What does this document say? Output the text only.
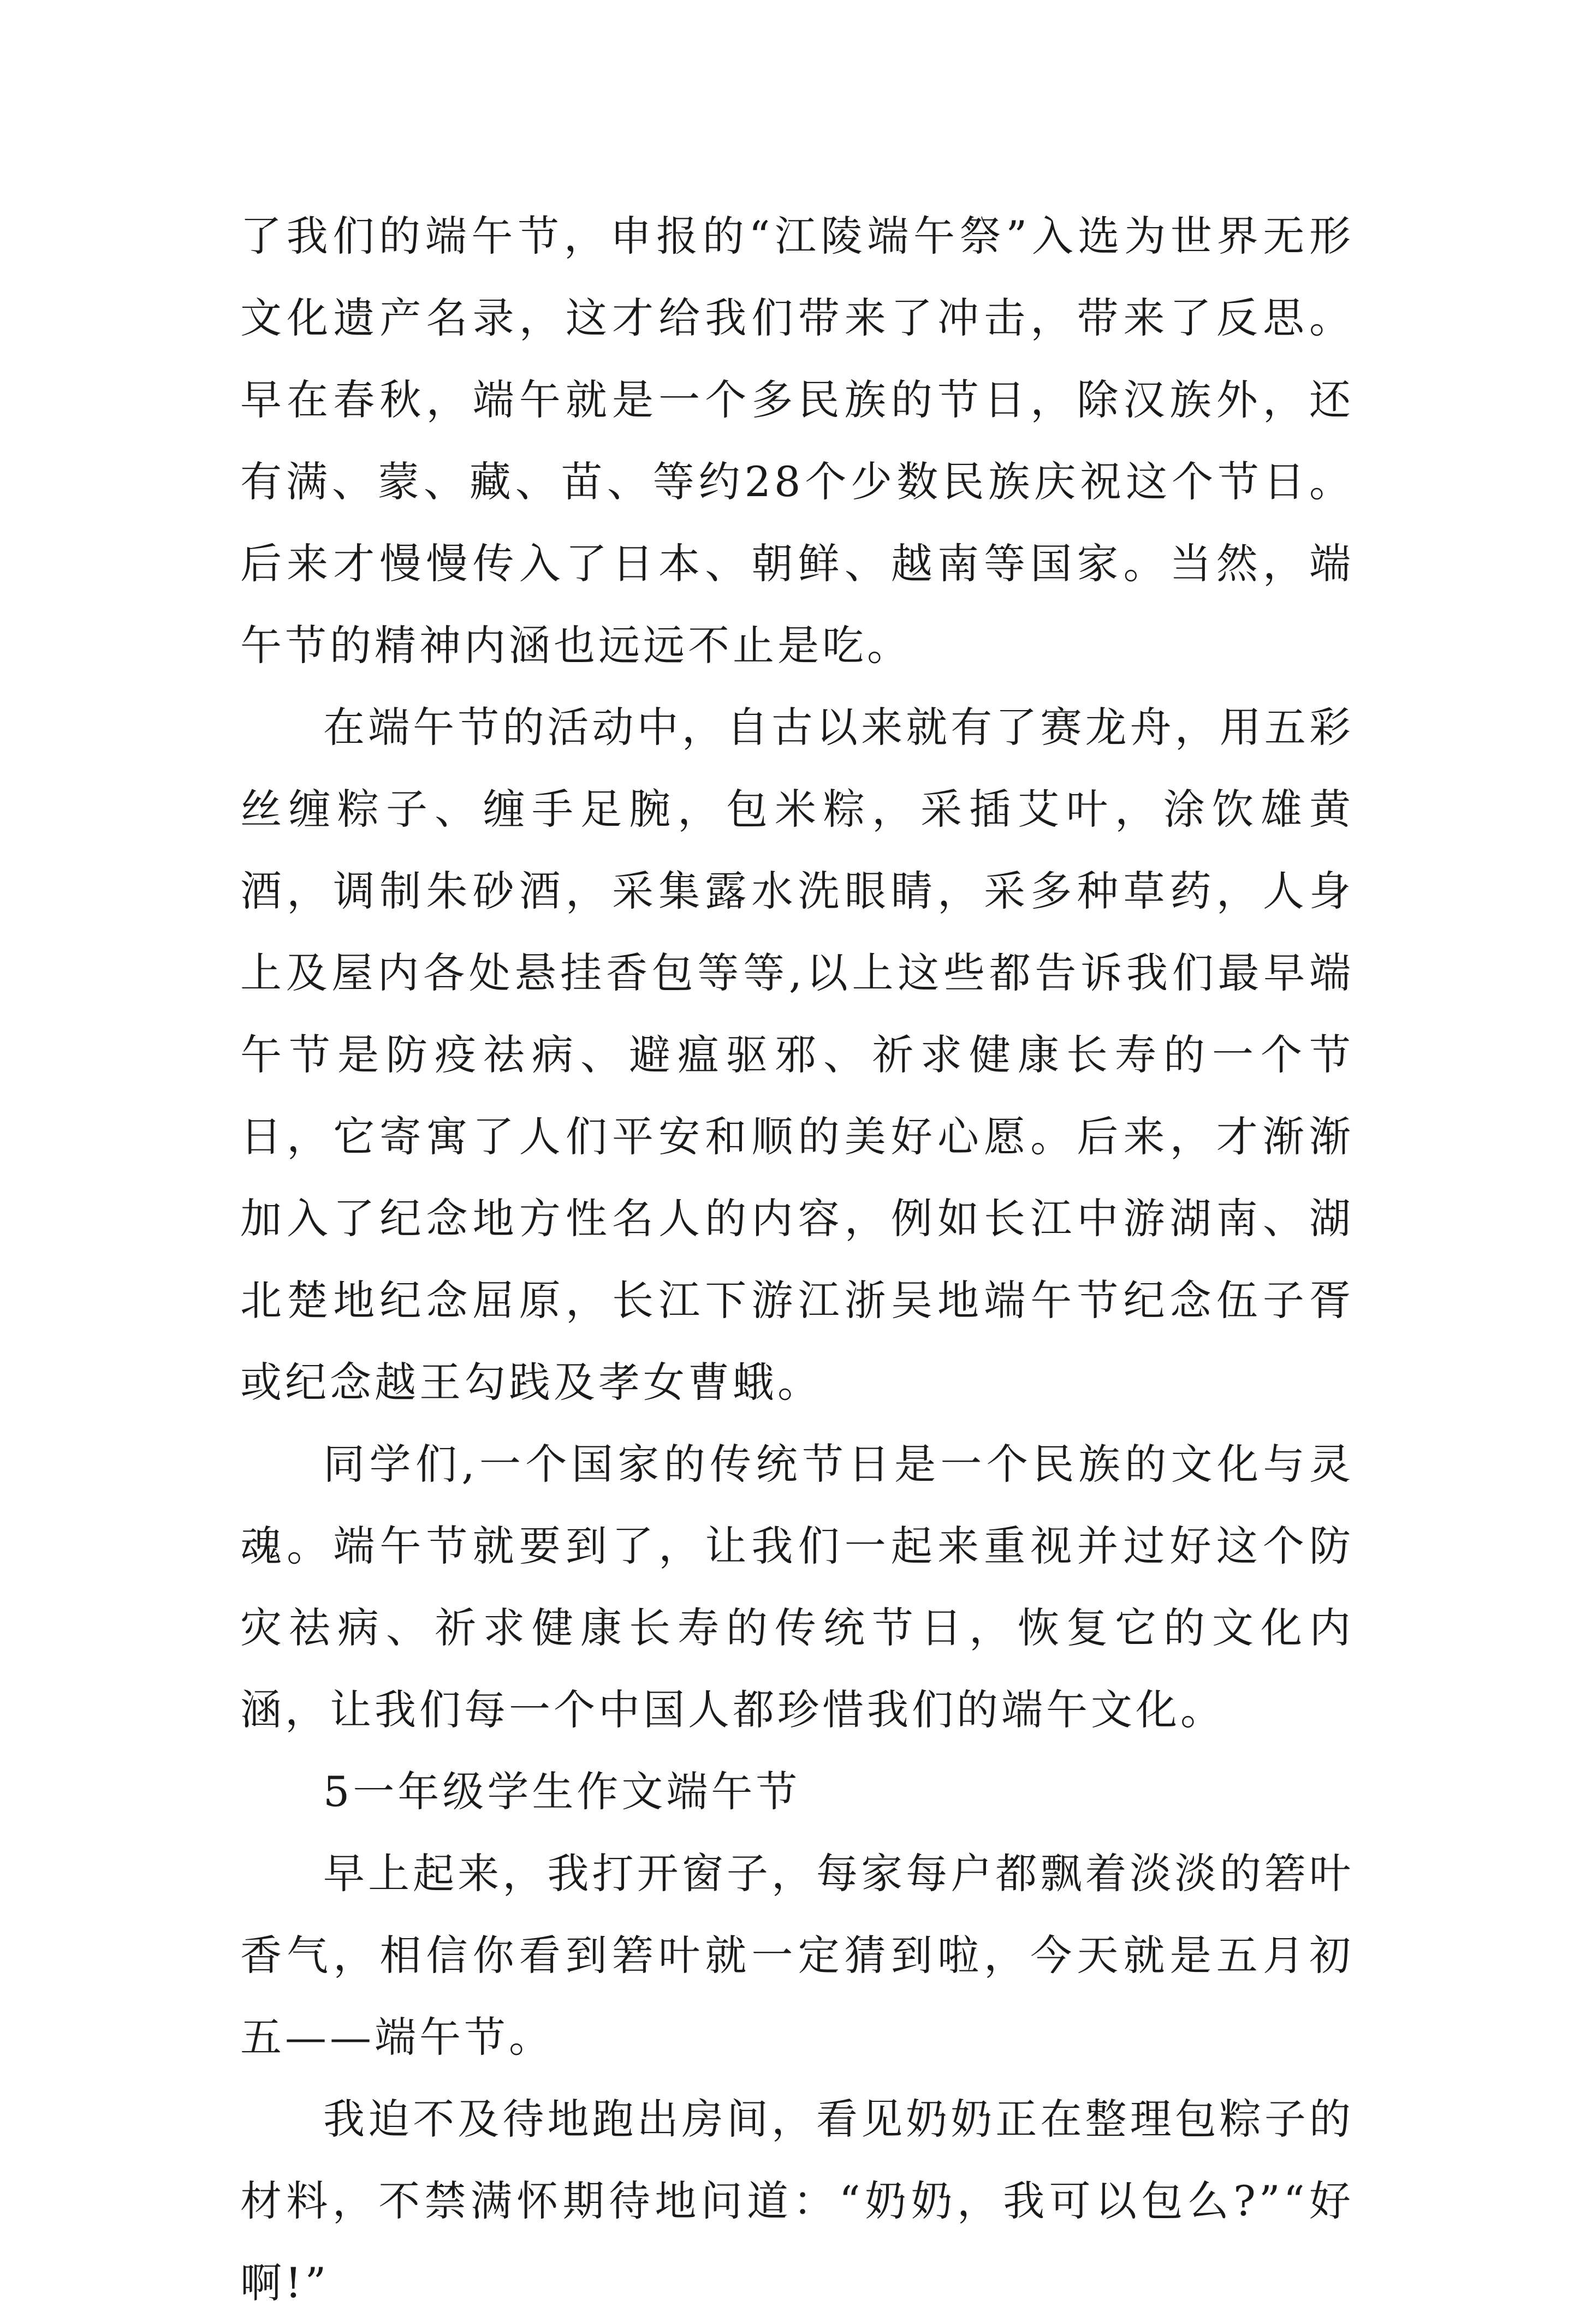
了我们的端午节，申报的“江陵端午祭”入选为世界无形文化遗产名录，这才给我们带来了冲击，带来了反思。早在春秋，端午就是一个多民族的节日，除汉族外，还有满、蒙、藏、苗、等约28个少数民族庆祝这个节日。后来才慢慢传入了日本、朝鲜、越南等国家。当然，端午节的精神内涵也远远不止是吃。

在端午节的活动中，自古以来就有了赛龙舟，用五彩丝缠粽子、缠手足腕，包米粽，采插艾叶，涂饮雄黄酒，调制朱砂酒，采集露水洗眼睛，采多种草药，人身上及屋内各处悬挂香包等等,以上这些都告诉我们最早端午节是防疫祛病、避瘟驱邪、祈求健康长寿的一个节日，它寄寓了人们平安和顺的美好心愿。后来，才渐渐加入了纪念地方性名人的内容，例如长江中游湖南、湖北楚地纪念屈原，长江下游江浙吴地端午节纪念伍子胥或纪念越王勾践及孝女曹蛾。

同学们,一个国家的传统节日是一个民族的文化与灵魂。端午节就要到了，让我们一起来重视并过好这个防灾祛病、祈求健康长寿的传统节日，恢复它的文化内涵，让我们每一个中国人都珍惜我们的端午文化。

5一年级学生作文端午节

早上起来，我打开窗子，每家每户都飘着淡淡的箬叶香气，相信你看到箬叶就一定猜到啦，今天就是五月初五——端午节。

我迫不及待地跑出房间，看见奶奶正在整理包粽子的材料，不禁满怀期待地问道：“奶奶，我可以包么?”“好啊!”
